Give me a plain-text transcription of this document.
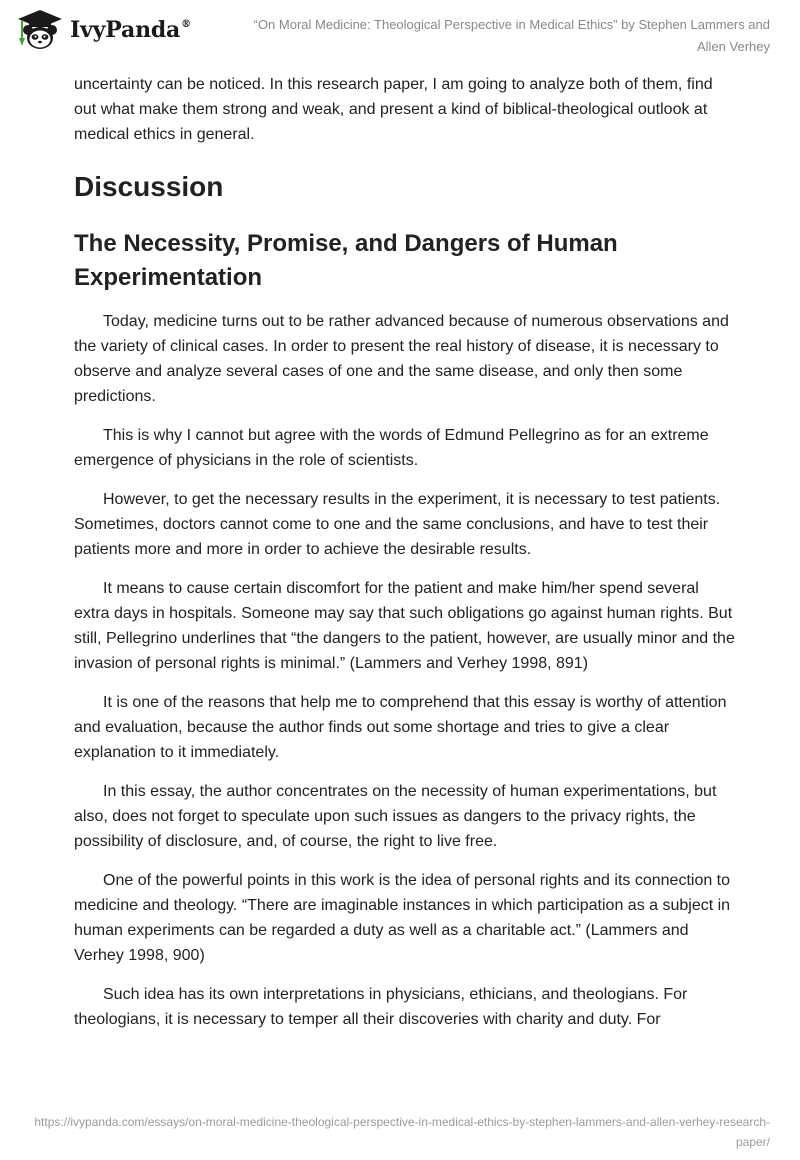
IvyPanda®	“On Moral Medicine: Theological Perspective in Medical Ethics” by Stephen Lammers and Allen Verhey

uncertainty can be noticed. In this research paper, I am going to analyze both of them, find out what make them strong and weak, and present a kind of biblical-theological outlook at medical ethics in general.

Discussion
The Necessity, Promise, and Dangers of Human Experimentation

Today, medicine turns out to be rather advanced because of numerous observations and the variety of clinical cases. In order to present the real history of disease, it is necessary to observe and analyze several cases of one and the same disease, and only then some predictions.

This is why I cannot but agree with the words of Edmund Pellegrino as for an extreme emergence of physicians in the role of scientists.

However, to get the necessary results in the experiment, it is necessary to test patients. Sometimes, doctors cannot come to one and the same conclusions, and have to test their patients more and more in order to achieve the desirable results.

It means to cause certain discomfort for the patient and make him/her spend several extra days in hospitals. Someone may say that such obligations go against human rights. But still, Pellegrino underlines that “the dangers to the patient, however, are usually minor and the invasion of personal rights is minimal.” (Lammers and Verhey 1998, 891)

It is one of the reasons that help me to comprehend that this essay is worthy of attention and evaluation, because the author finds out some shortage and tries to give a clear explanation to it immediately.

In this essay, the author concentrates on the necessity of human experimentations, but also, does not forget to speculate upon such issues as dangers to the privacy rights, the possibility of disclosure, and, of course, the right to live free.

One of the powerful points in this work is the idea of personal rights and its connection to medicine and theology. “There are imaginable instances in which participation as a subject in human experiments can be regarded a duty as well as a charitable act.” (Lammers and Verhey 1998, 900)

Such idea has its own interpretations in physicians, ethicians, and theologians. For theologians, it is necessary to temper all their discoveries with charity and duty. For

https://ivypanda.com/essays/on-moral-medicine-theological-perspective-in-medical-ethics-by-stephen-lammers-and-allen-verhey-research-paper/
